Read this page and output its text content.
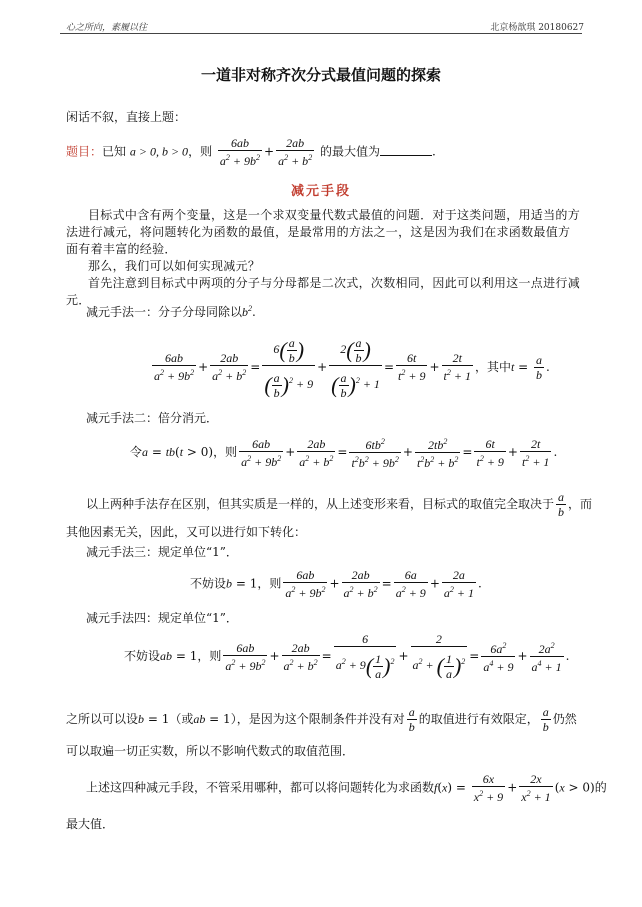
心之所向，素履以往	北京杨歆琪 20180627
一道非对称齐次分式最值问题的探索
闲话不叙，直接上题：
题目：已知 a > 0, b > 0，则 $\frac{6ab}{a^2 + 9b^2} + \frac{2ab}{a^2 + b^2}$ 的最大值为	.
减元手段
目标式中含有两个变量，这是一个求双变量代数式最值的问题．对于这类问题，用适当的方法进行减元，将问题转化为函数的最值，是最常用的方法之一，这是因为我们在求函数最值方面有着丰富的经验．
那么，我们可以如何实现减元？
首先注意到目标式中两项的分子与分母都是二次式，次数相同，因此可以利用这一点进行减元．
减元手法一：分子分母同除以$b^2$.
$\frac{6ab}{a^2 + 9b^2} + \frac{2ab}{a^2 + b^2} = \frac{6( \frac{a}{b} )}{( \frac{a}{b} )^2 + 9} + \frac{2( \frac{a}{b} )}{( \frac{a}{b} )^2 + 1} = \frac{6t}{t^2 + 9} + \frac{2t}{t^2 + 1}$ ，其中$t = \frac{a}{b}$ .
减元手法二：倍分消元．
令a = tb(t > 0)，则 $\frac{6ab}{a^2 + 9b^2} + \frac{2ab}{a^2 + b^2} = \frac{6tb^2}{t^2b^2 + 9b^2} + \frac{2tb^2}{t^2b^2 + b^2} = \frac{6t}{t^2 + 9} + \frac{2t}{t^2 + 1}$ .
以上两种手法存在区别，但其实质是一样的，从上述变形来看，目标式的取值完全取决于 $\frac{a}{b}$ ，而
其他因素无关，因此，又可以进行如下转化：
减元手法三：规定单位“1”．
不妨设b = 1，则 $\frac{6ab}{a^2 + 9b^2} + \frac{2ab}{a^2 + b^2} = \frac{6a}{a^2 + 9} + \frac{2a}{a^2 + 1}$ .
减元手法四：规定单位“1”．
不妨设ab = 1，则 $\frac{6ab}{a^2 + 9b^2} + \frac{2ab}{a^2 + b^2} = \frac{6}{a^2 + 9( \frac{1}{a} )^2} + \frac{2}{a^2 + ( \frac{1}{a} )^2} = \frac{6a^2}{a^4 + 9} + \frac{2a^2}{a^4 + 1}$ .
之所以可以设b = 1（或ab = 1），是因为这个限制条件并没有对 $\frac{a}{b}$ 的取值进行有效限定， $\frac{a}{b}$ 仍然
可以取遍一切正实数，所以不影响代数式的取值范围．
上述这四种减元手段，不管采用哪种，都可以将问题转化为求函数$f(x) = \frac{6x}{x^2 + 9} + \frac{2x}{x^2 + 1} (x > 0)$的
最大值．
